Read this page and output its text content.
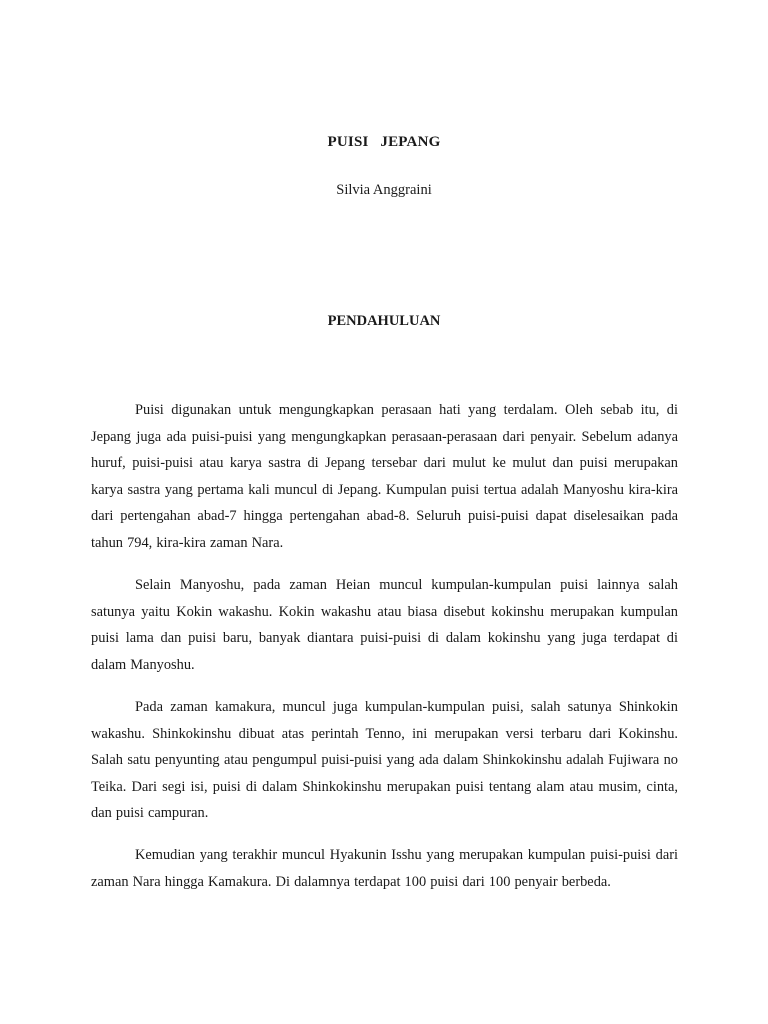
PUISI JEPANG

Silvia Anggraini

PENDAHULUAN

Puisi digunakan untuk mengungkapkan perasaan hati yang terdalam. Oleh sebab itu, di Jepang juga ada puisi-puisi yang mengungkapkan perasaan-perasaan dari penyair. Sebelum adanya huruf, puisi-puisi atau karya sastra di Jepang tersebar dari mulut ke mulut dan puisi merupakan karya sastra yang pertama kali muncul di Jepang. Kumpulan puisi tertua adalah Manyoshu kira-kira dari pertengahan abad-7 hingga pertengahan abad-8. Seluruh puisi-puisi dapat diselesaikan pada tahun 794, kira-kira zaman Nara.

Selain Manyoshu, pada zaman Heian muncul kumpulan-kumpulan puisi lainnya salah satunya yaitu Kokin wakashu. Kokin wakashu atau biasa disebut kokinshu merupakan kumpulan puisi lama dan puisi baru, banyak diantara puisi-puisi di dalam kokinshu yang juga terdapat di dalam Manyoshu.

Pada zaman kamakura, muncul juga kumpulan-kumpulan puisi, salah satunya Shinkokin wakashu. Shinkokinshu dibuat atas perintah Tenno, ini merupakan versi terbaru dari Kokinshu. Salah satu penyunting atau pengumpul puisi-puisi yang ada dalam Shinkokinshu adalah Fujiwara no Teika. Dari segi isi, puisi di dalam Shinkokinshu merupakan puisi tentang alam atau musim, cinta, dan puisi campuran.

Kemudian yang terakhir muncul Hyakunin Isshu yang merupakan kumpulan puisi-puisi dari zaman Nara hingga Kamakura. Di dalamnya terdapat 100 puisi dari 100 penyair berbeda.
